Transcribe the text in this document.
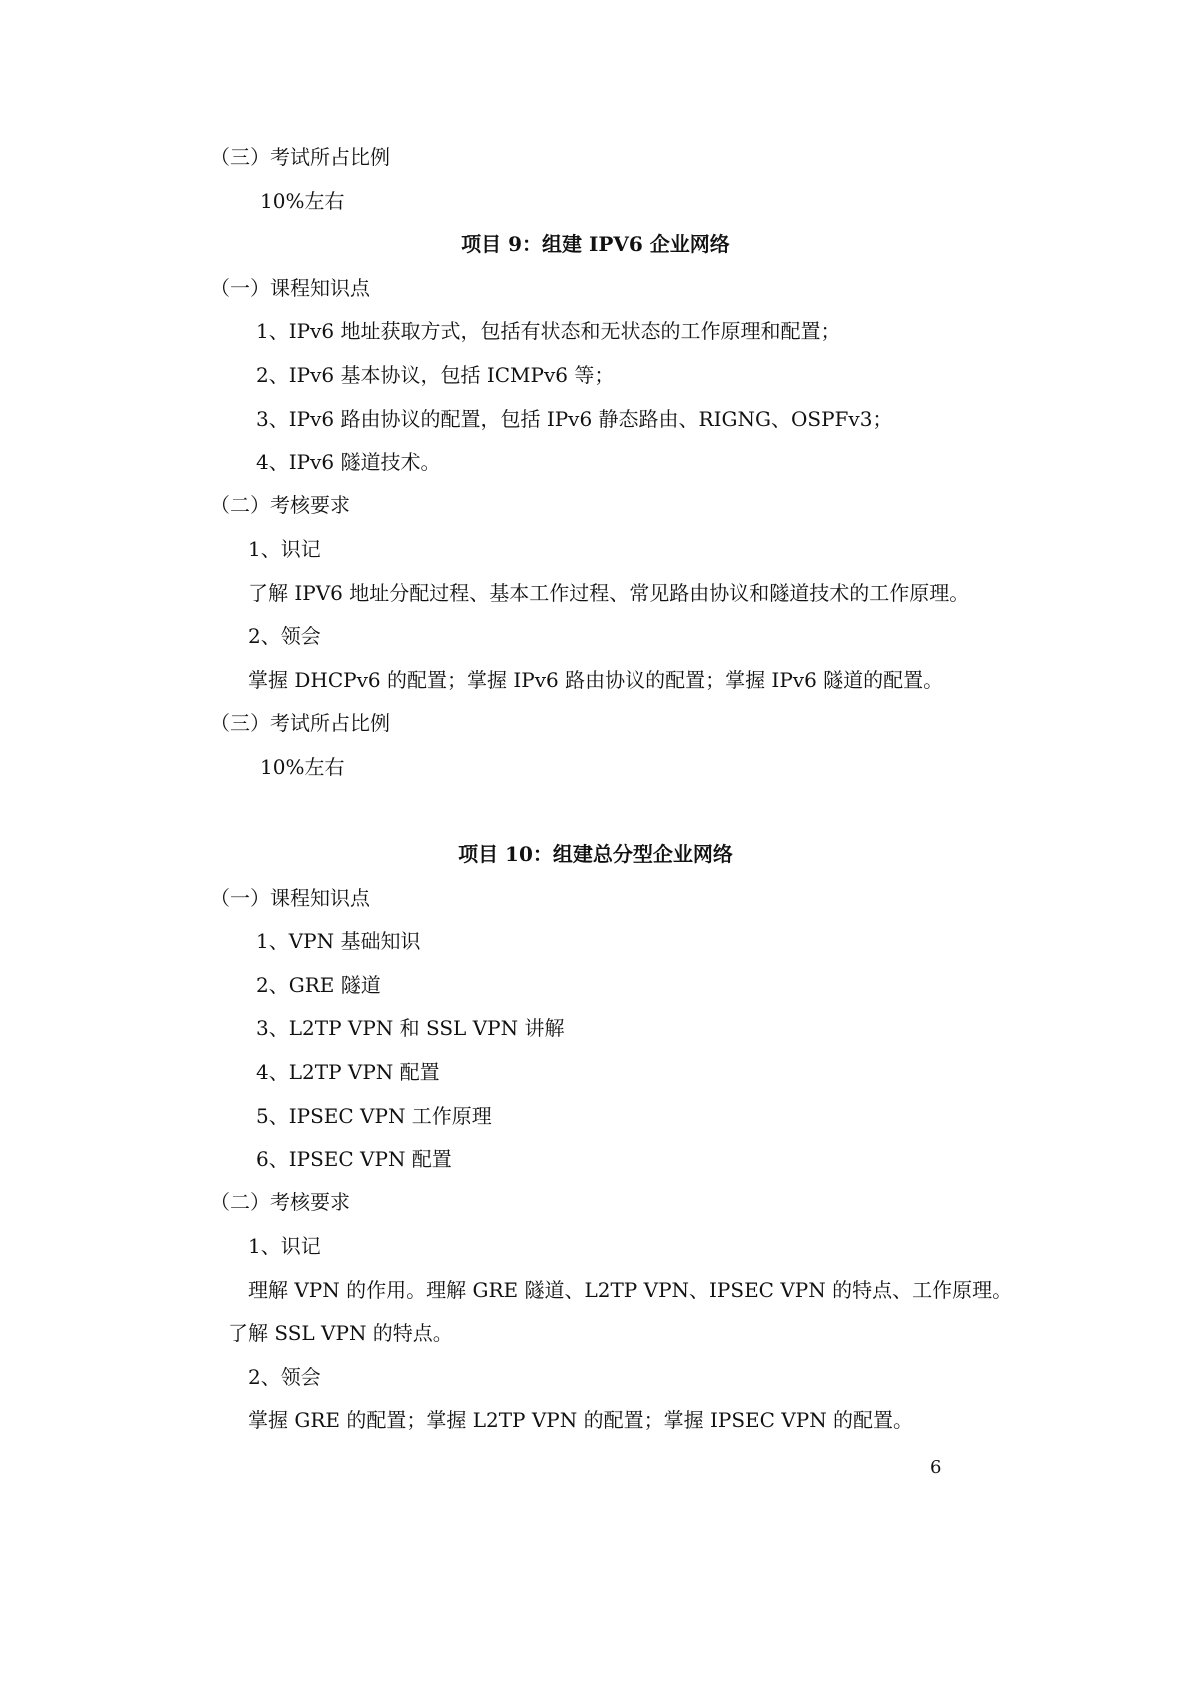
（三）考试所占比例
10%左右
项目 9：组建 IPV6 企业网络
（一）课程知识点
1、IPv6 地址获取方式，包括有状态和无状态的工作原理和配置；
2、IPv6 基本协议，包括 ICMPv6 等；
3、IPv6 路由协议的配置，包括 IPv6 静态路由、RIGNG、OSPFv3；
4、IPv6 隧道技术。
（二）考核要求
1、识记
了解 IPV6 地址分配过程、基本工作过程、常见路由协议和隧道技术的工作原理。
2、领会
掌握 DHCPv6 的配置；掌握 IPv6 路由协议的配置；掌握 IPv6 隧道的配置。
（三）考试所占比例
10%左右
项目 10：组建总分型企业网络
（一）课程知识点
1、VPN 基础知识
2、GRE 隧道
3、L2TP VPN 和 SSL VPN 讲解
4、L2TP VPN 配置
5、IPSEC VPN 工作原理
6、IPSEC VPN 配置
（二）考核要求
1、识记
理解 VPN 的作用。理解 GRE 隧道、L2TP VPN、IPSEC VPN 的特点、工作原理。
了解 SSL VPN 的特点。
2、领会
掌握 GRE 的配置；掌握 L2TP VPN 的配置；掌握 IPSEC VPN 的配置。
6
